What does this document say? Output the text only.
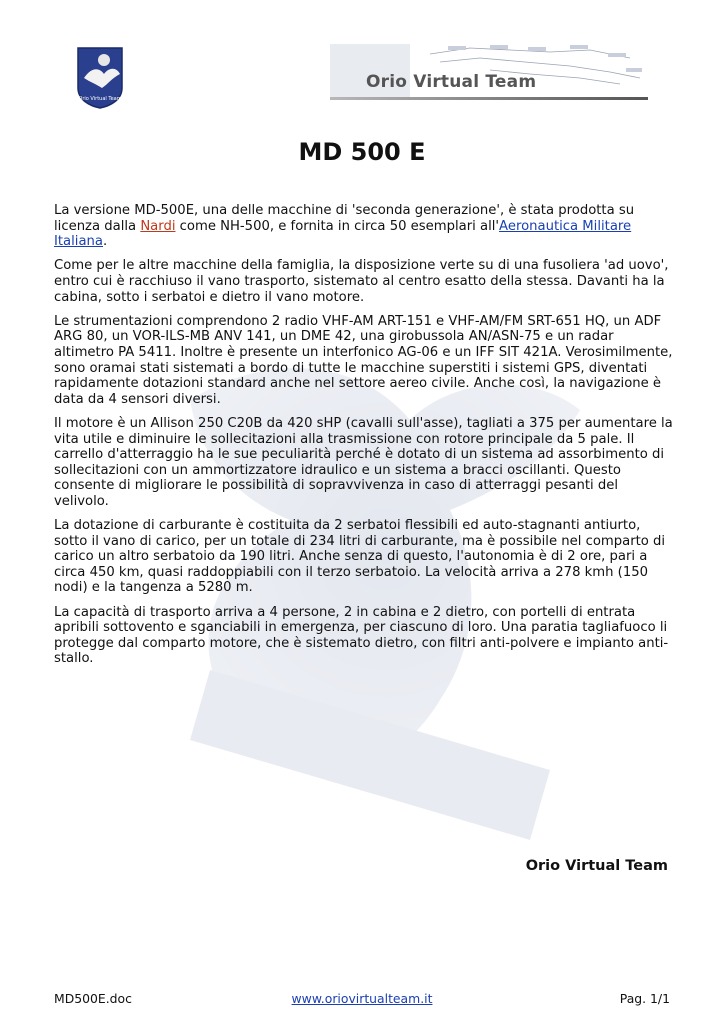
Orio Virtual Team
Orio Virtual Team
MD 500 E

La versione MD-500E, una delle macchine di 'seconda generazione', è stata prodotta su licenza dalla Nardi come NH-500, e fornita in circa 50 esemplari all'Aeronautica Militare Italiana.

Come per le altre macchine della famiglia, la disposizione verte su di una fusoliera 'ad uovo', entro cui è racchiuso il vano trasporto, sistemato al centro esatto della stessa. Davanti ha la cabina, sotto i serbatoi e dietro il vano motore.

Le strumentazioni comprendono 2 radio VHF-AM ART-151 e VHF-AM/FM SRT-651 HQ, un ADF ARG 80, un VOR-ILS-MB ANV 141, un DME 42, una girobussola AN/ASN-75 e un radar altimetro PA 5411. Inoltre è presente un interfonico AG-06 e un IFF SIT 421A. Verosimilmente, sono oramai stati sistemati a bordo di tutte le macchine superstiti i sistemi GPS, diventati rapidamente dotazioni standard anche nel settore aereo civile. Anche così, la navigazione è data da 4 sensori diversi.

Il motore è un Allison 250 C20B da 420 sHP (cavalli sull'asse), tagliati a 375 per aumentare la vita utile e diminuire le sollecitazioni alla trasmissione con rotore principale da 5 pale. Il carrello d'atterraggio ha le sue peculiarità perché è dotato di un sistema ad assorbimento di sollecitazioni con un ammortizzatore idraulico e un sistema a bracci oscillanti. Questo consente di migliorare le possibilità di sopravvivenza in caso di atterraggi pesanti del velivolo.

La dotazione di carburante è costituita da 2 serbatoi flessibili ed auto-stagnanti antiurto, sotto il vano di carico, per un totale di 234 litri di carburante, ma è possibile nel comparto di carico un altro serbatoio da 190 litri. Anche senza di questo, l'autonomia è di 2 ore, pari a circa 450 km, quasi raddoppiabili con il terzo serbatoio. La velocità arriva a 278 kmh (150 nodi) e la tangenza a 5280 m.

La capacità di trasporto arriva a 4 persone, 2 in cabina e 2 dietro, con portelli di entrata apribili sottovento e sganciabili in emergenza, per ciascuno di loro. Una paratia tagliafuoco li protegge dal comparto motore, che è sistemato dietro, con filtri anti-polvere e impianto anti-stallo.

Orio Virtual Team
MD500E.doc	www.oriovirtualteam.it	Pag. 1/1
